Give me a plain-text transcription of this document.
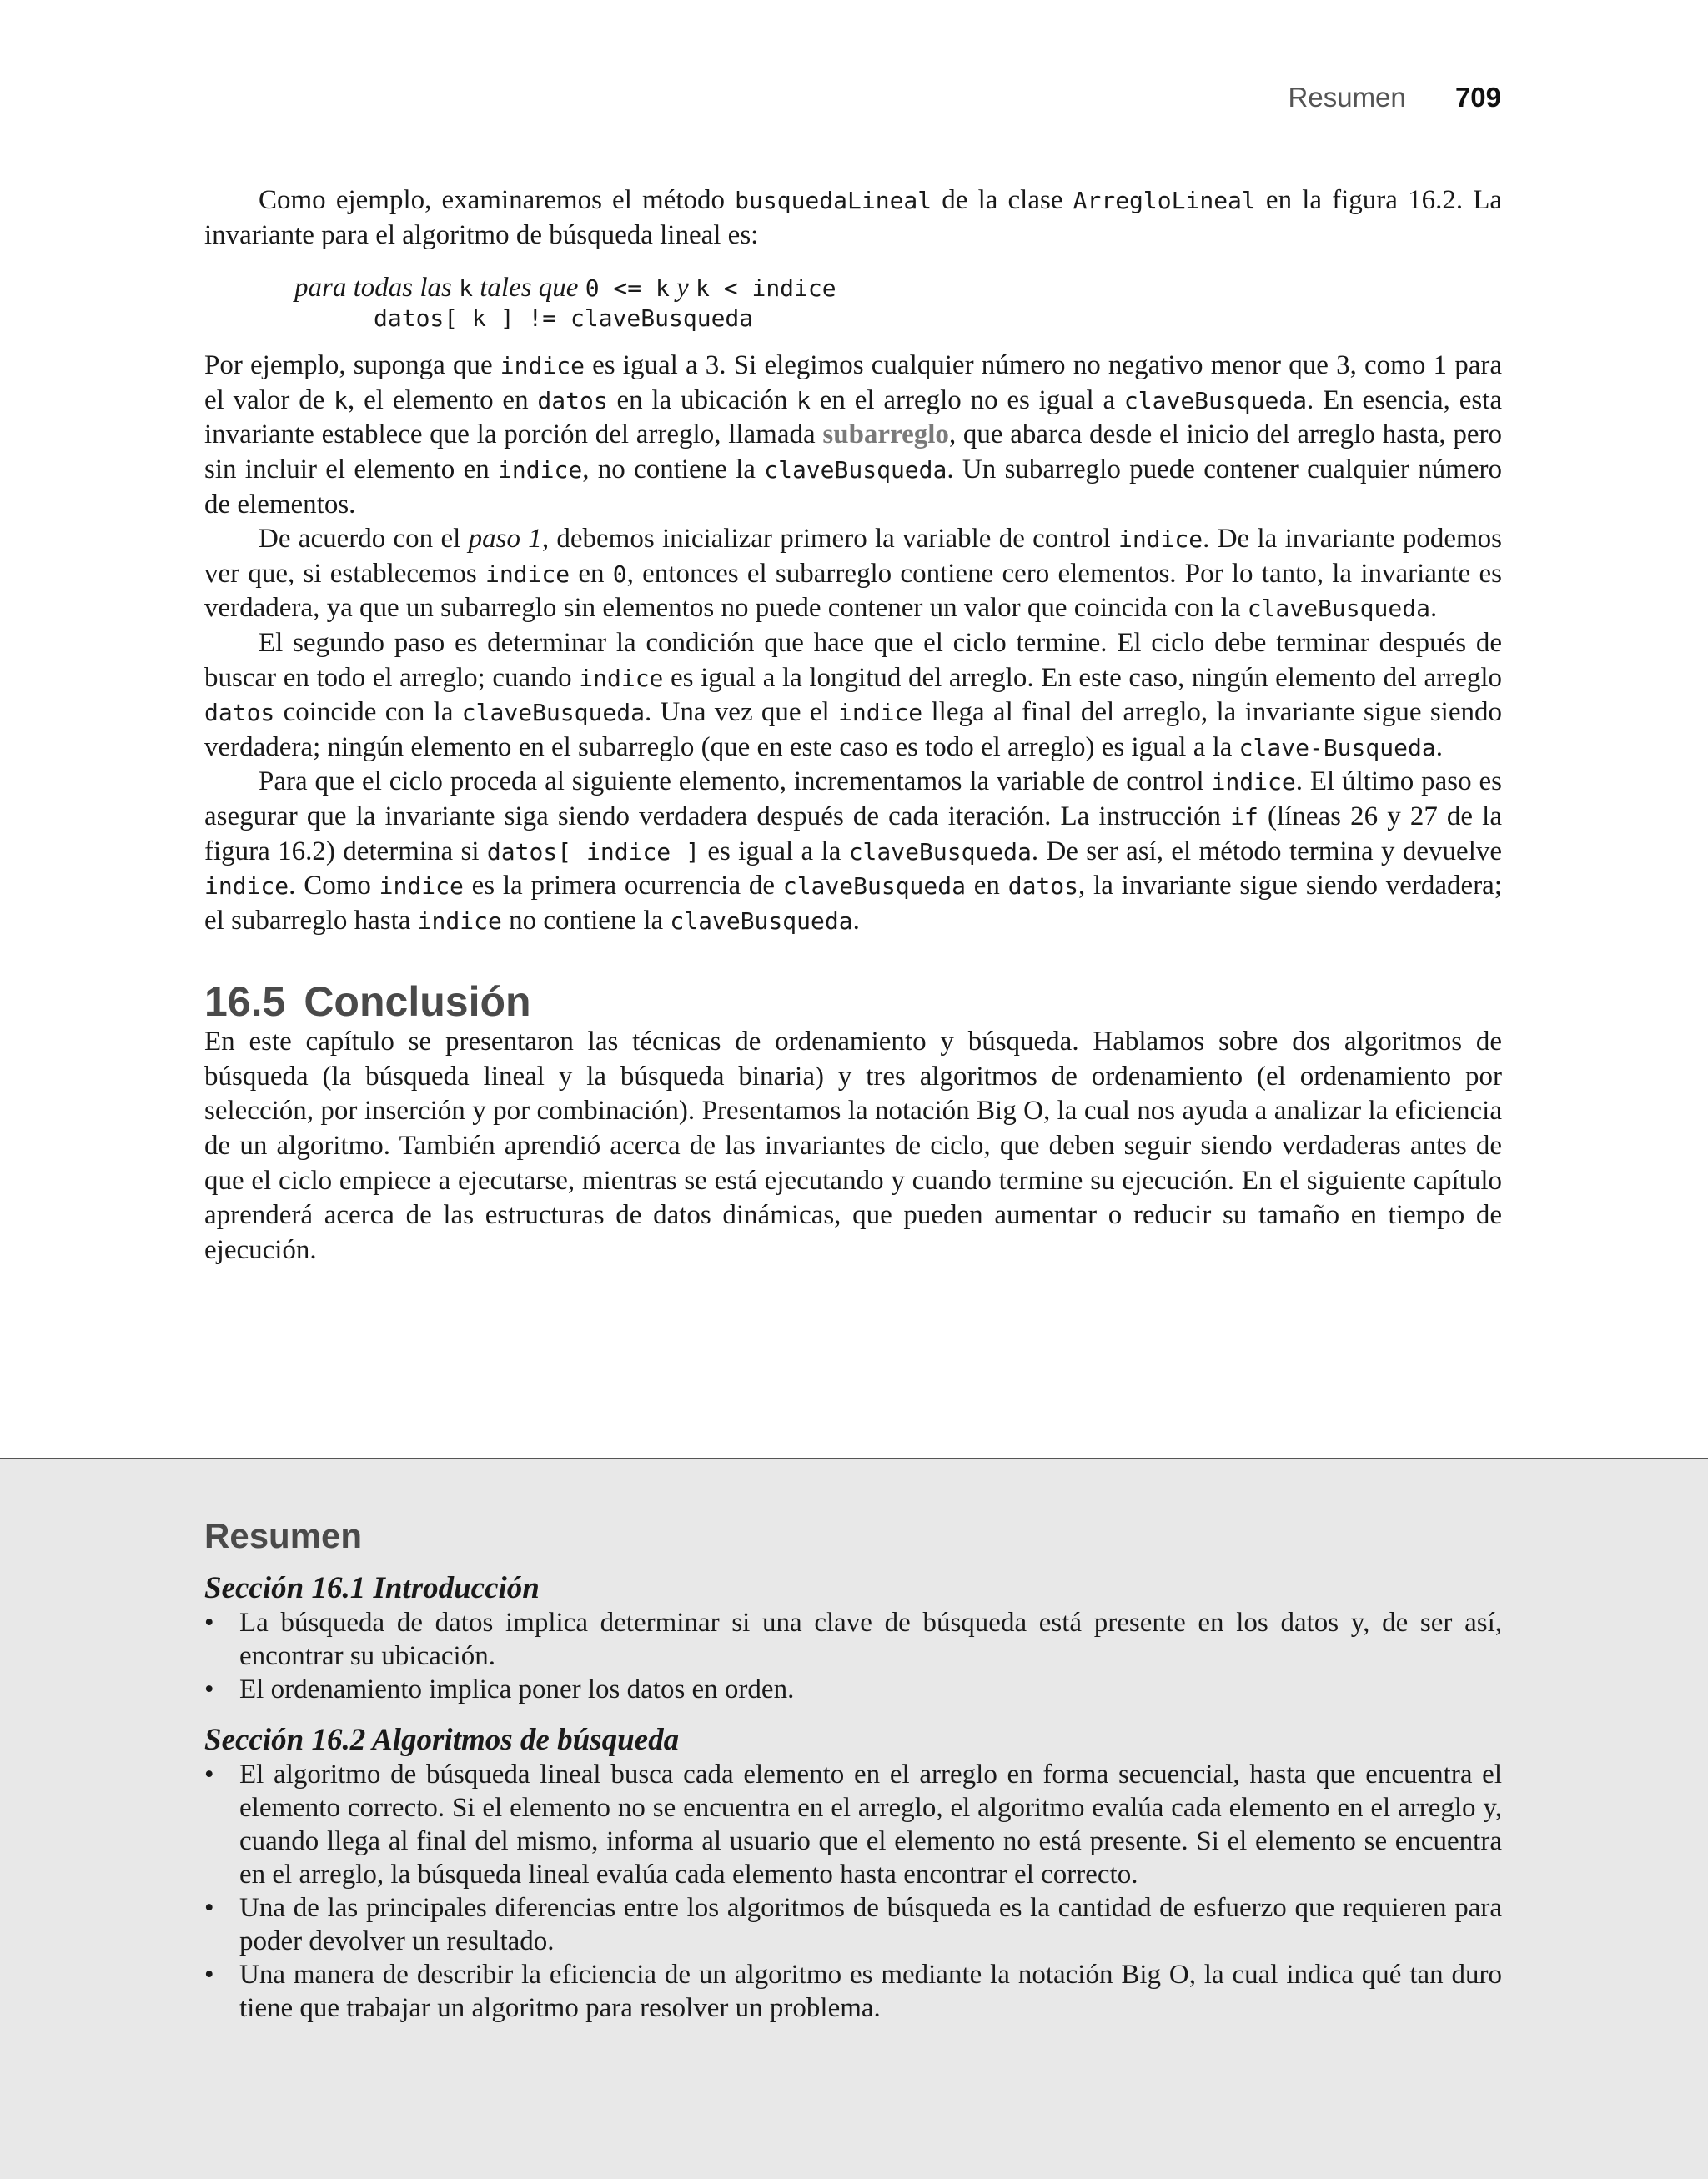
Resumen 709

Como ejemplo, examinaremos el método busquedaLineal de la clase ArregloLineal en la figura 16.2. La invariante para el algoritmo de búsqueda lineal es:

para todas las k tales que 0 <= k y k < indice
datos[ k ] != claveBusqueda

Por ejemplo, suponga que indice es igual a 3. Si elegimos cualquier número no negativo menor que 3, como 1 para el valor de k, el elemento en datos en la ubicación k en el arreglo no es igual a claveBusqueda. En esencia, esta invariante establece que la porción del arreglo, llamada subarreglo, que abarca desde el inicio del arreglo hasta, pero sin incluir el elemento en indice, no contiene la claveBusqueda. Un subarreglo puede contener cualquier número de elementos.

De acuerdo con el paso 1, debemos inicializar primero la variable de control indice. De la invariante podemos ver que, si establecemos indice en 0, entonces el subarreglo contiene cero elementos. Por lo tanto, la invariante es verdadera, ya que un subarreglo sin elementos no puede contener un valor que coincida con la claveBusqueda.

El segundo paso es determinar la condición que hace que el ciclo termine. El ciclo debe terminar después de buscar en todo el arreglo; cuando indice es igual a la longitud del arreglo. En este caso, ningún elemento del arreglo datos coincide con la claveBusqueda. Una vez que el indice llega al final del arreglo, la invariante sigue siendo verdadera; ningún elemento en el subarreglo (que en este caso es todo el arreglo) es igual a la clave-Busqueda.

Para que el ciclo proceda al siguiente elemento, incrementamos la variable de control indice. El último paso es asegurar que la invariante siga siendo verdadera después de cada iteración. La instrucción if (líneas 26 y 27 de la figura 16.2) determina si datos[ indice ] es igual a la claveBusqueda. De ser así, el método termina y devuelve indice. Como indice es la primera ocurrencia de claveBusqueda en datos, la invariante sigue siendo verdadera; el subarreglo hasta indice no contiene la claveBusqueda.

16.5 Conclusión

En este capítulo se presentaron las técnicas de ordenamiento y búsqueda. Hablamos sobre dos algoritmos de búsqueda (la búsqueda lineal y la búsqueda binaria) y tres algoritmos de ordenamiento (el ordenamiento por selección, por inserción y por combinación). Presentamos la notación Big O, la cual nos ayuda a analizar la eficiencia de un algoritmo. También aprendió acerca de las invariantes de ciclo, que deben seguir siendo verdaderas antes de que el ciclo empiece a ejecutarse, mientras se está ejecutando y cuando termine su ejecución. En el siguiente capítulo aprenderá acerca de las estructuras de datos dinámicas, que pueden aumentar o reducir su tamaño en tiempo de ejecución.

Resumen
Sección 16.1 Introducción
• La búsqueda de datos implica determinar si una clave de búsqueda está presente en los datos y, de ser así, encontrar su ubicación.
• El ordenamiento implica poner los datos en orden.
Sección 16.2 Algoritmos de búsqueda
• El algoritmo de búsqueda lineal busca cada elemento en el arreglo en forma secuencial, hasta que encuentra el elemento correcto. Si el elemento no se encuentra en el arreglo, el algoritmo evalúa cada elemento en el arreglo y, cuando llega al final del mismo, informa al usuario que el elemento no está presente. Si el elemento se encuentra en el arreglo, la búsqueda lineal evalúa cada elemento hasta encontrar el correcto.
• Una de las principales diferencias entre los algoritmos de búsqueda es la cantidad de esfuerzo que requieren para poder devolver un resultado.
• Una manera de describir la eficiencia de un algoritmo es mediante la notación Big O, la cual indica qué tan duro tiene que trabajar un algoritmo para resolver un problema.
